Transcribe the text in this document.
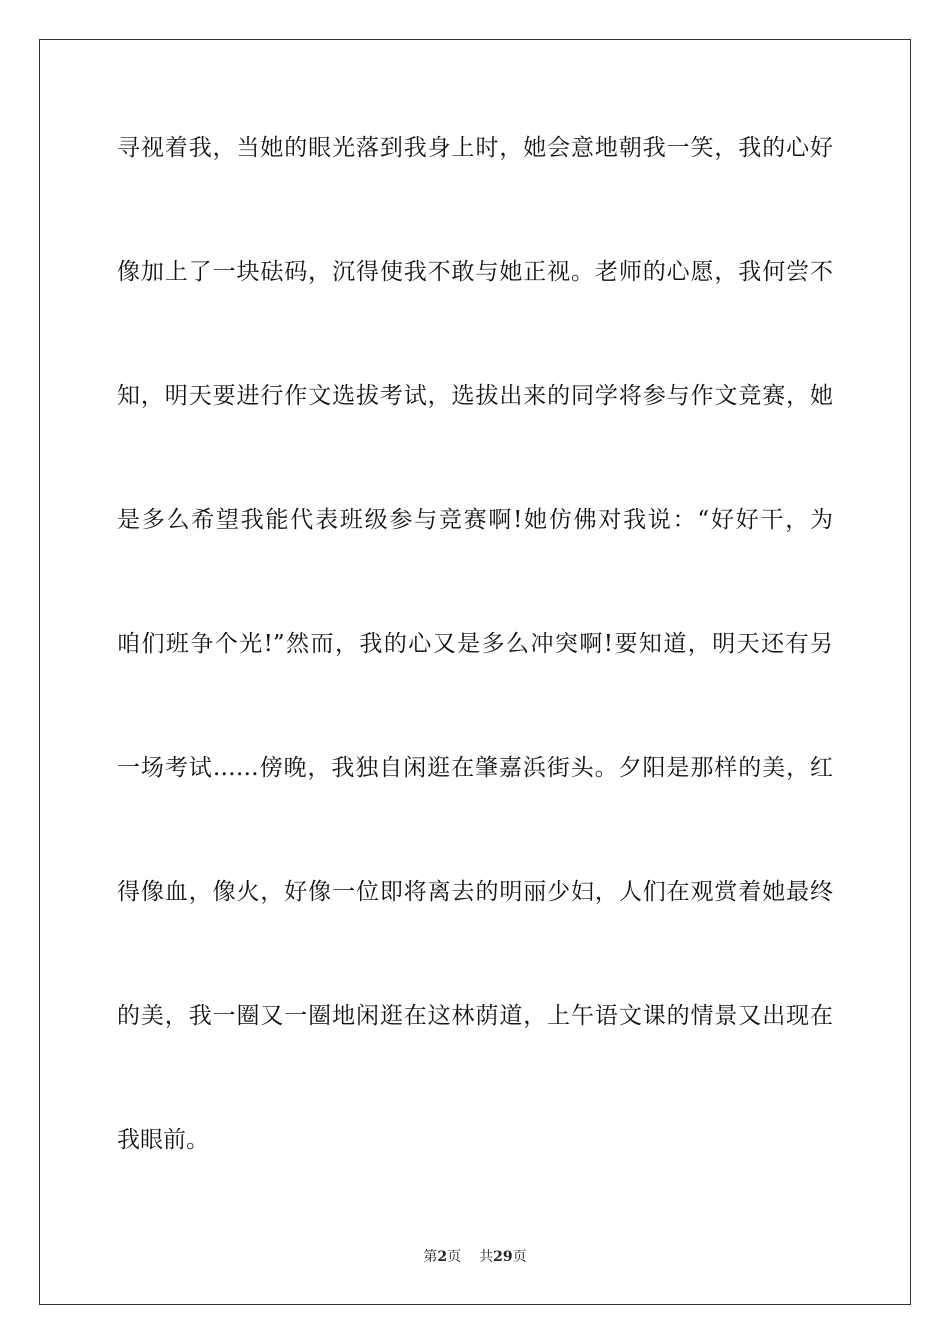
寻视着我，当她的眼光落到我身上时，她会意地朝我一笑，我的心好
像加上了一块砝码，沉得使我不敢与她正视。老师的心愿，我何尝不
知，明天要进行作文选拔考试，选拔出来的同学将参与作文竞赛，她
是多么希望我能代表班级参与竞赛啊!她仿佛对我说：“好好干，为
咱们班争个光!”然而，我的心又是多么冲突啊!要知道，明天还有另
一场考试……傍晚，我独自闲逛在肇嘉浜街头。夕阳是那样的美，红
得像血，像火，好像一位即将离去的明丽少妇，人们在观赏着她最终
的美，我一圈又一圈地闲逛在这林荫道，上午语文课的情景又出现在
我眼前。
第2页 共29页
